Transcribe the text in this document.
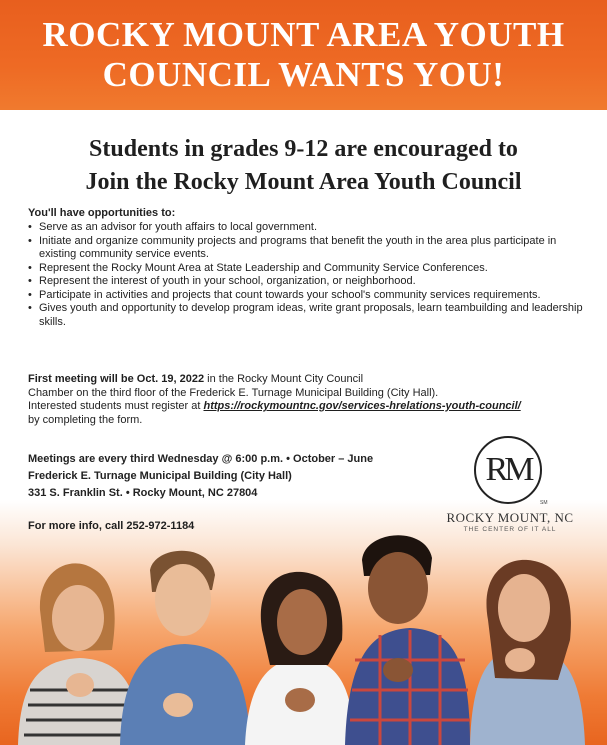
ROCKY MOUNT AREA YOUTH
COUNCIL WANTS YOU!
Students in grades 9-12 are encouraged to
Join the Rocky Mount Area Youth Council
You'll have opportunities to:
• Serve as an advisor for youth affairs to local government.
• Initiate and organize community projects and programs that benefit the youth in the area plus participate in existing community service events.
• Represent the Rocky Mount Area at State Leadership and Community Service Conferences.
• Represent the interest of youth in your school, organization, or neighborhood.
• Participate in activities and projects that count towards your school's community services requirements.
• Gives youth and opportunity to develop program ideas, write grant proposals, learn teambuilding and leadership skills.
First meeting will be Oct. 19, 2022 in the Rocky Mount City Council
Chamber on the third floor of the Frederick E. Turnage Municipal Building (City Hall).
Interested students must register at https://rockymountnc.gov/services-hrelations-youth-council/
by completing the form.
Meetings are every third Wednesday @ 6:00 p.m. • October – June
Frederick E. Turnage Municipal Building (City Hall)
331 S. Franklin St. • Rocky Mount, NC 27804
For more info, call 252-972-1184
RM
SM
ROCKY MOUNT, NC
THE CENTER OF IT ALL
